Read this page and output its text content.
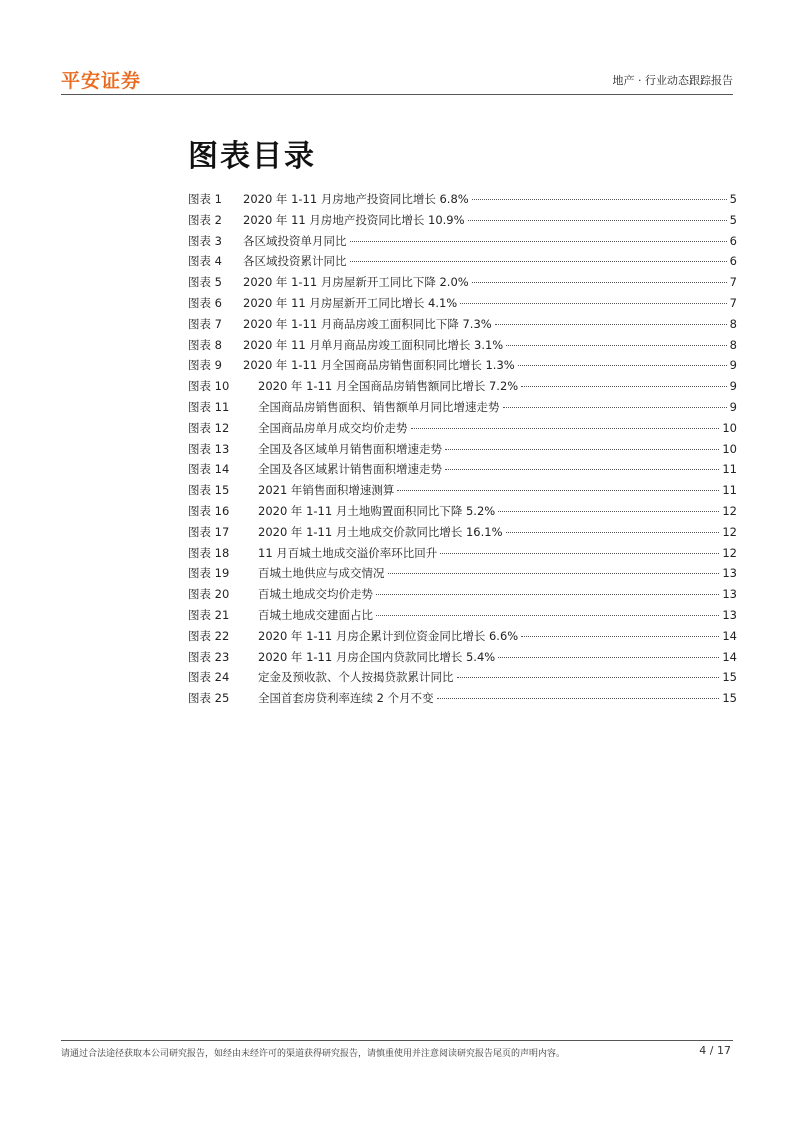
平安证券	地产 · 行业动态跟踪报告
图表目录
图表 1	2020 年 1-11 月房地产投资同比增长 6.8%	5
图表 2	2020 年 11 月房地产投资同比增长 10.9%	5
图表 3	各区域投资单月同比	6
图表 4	各区域投资累计同比	6
图表 5	2020 年 1-11 月房屋新开工同比下降 2.0%	7
图表 6	2020 年 11 月房屋新开工同比增长 4.1%	7
图表 7	2020 年 1-11 月商品房竣工面积同比下降 7.3%	8
图表 8	2020 年 11 月单月商品房竣工面积同比增长 3.1%	8
图表 9	2020 年 1-11 月全国商品房销售面积同比增长 1.3%	9
图表 10	2020 年 1-11 月全国商品房销售额同比增长 7.2%	9
图表 11	全国商品房销售面积、销售额单月同比增速走势	9
图表 12	全国商品房单月成交均价走势	10
图表 13	全国及各区域单月销售面积增速走势	10
图表 14	全国及各区域累计销售面积增速走势	11
图表 15	2021 年销售面积增速测算	11
图表 16	2020 年 1-11 月土地购置面积同比下降 5.2%	12
图表 17	2020 年 1-11 月土地成交价款同比增长 16.1%	12
图表 18	11 月百城土地成交溢价率环比回升	12
图表 19	百城土地供应与成交情况	13
图表 20	百城土地成交均价走势	13
图表 21	百城土地成交建面占比	13
图表 22	2020 年 1-11 月房企累计到位资金同比增长 6.6%	14
图表 23	2020 年 1-11 月房企国内贷款同比增长 5.4%	14
图表 24	定金及预收款、个人按揭贷款累计同比	15
图表 25	全国首套房贷利率连续 2 个月不变	15
请通过合法途径获取本公司研究报告，如经由未经许可的渠道获得研究报告，请慎重使用并注意阅读研究报告尾页的声明内容。	4 / 17
